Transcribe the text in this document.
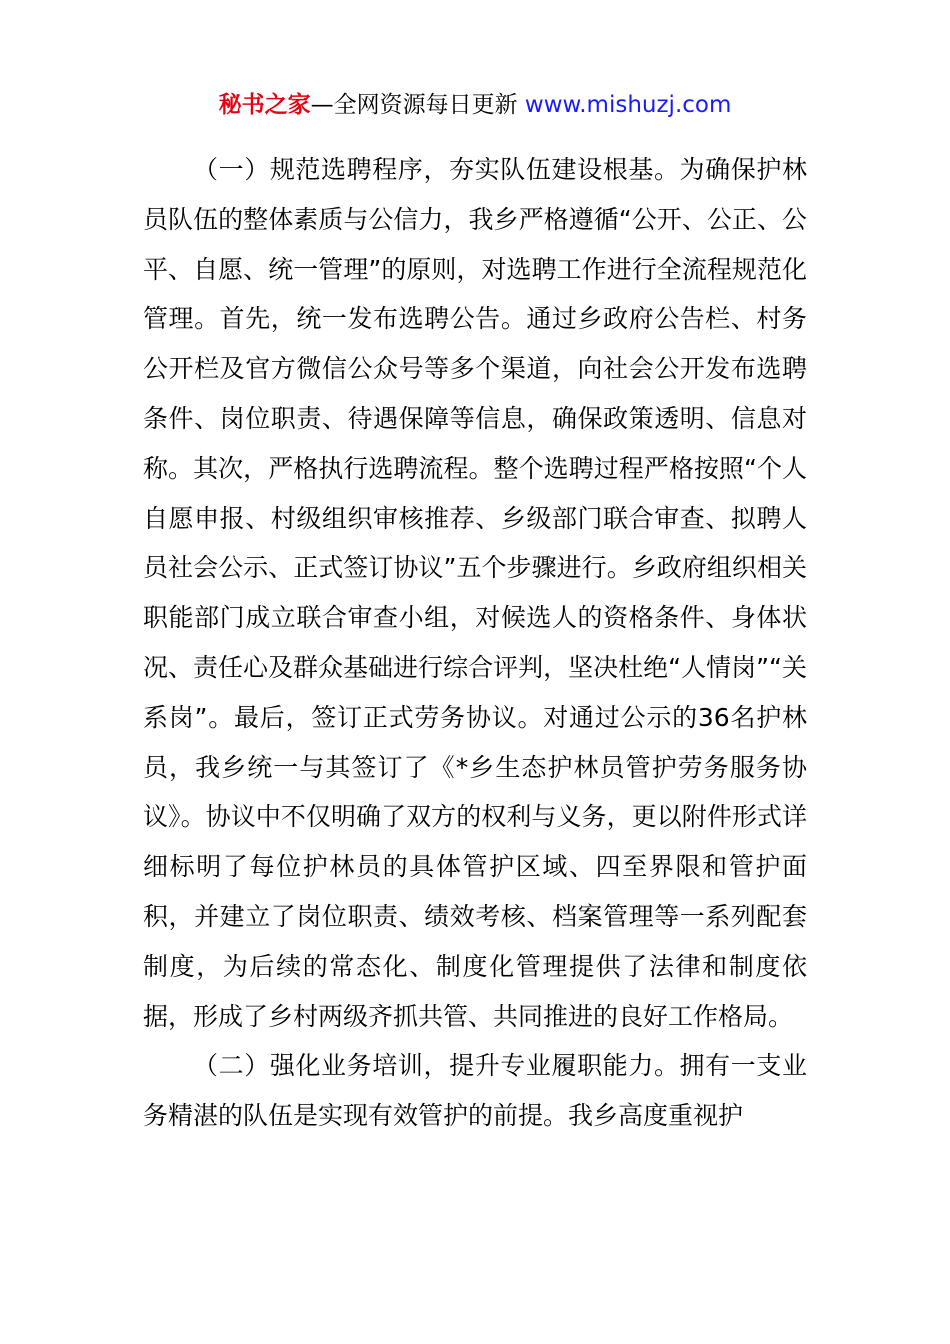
秘书之家—全网资源每日更新 www.mishuzj.com

（一）规范选聘程序，夯实队伍建设根基。为确保护林员队伍的整体素质与公信力，我乡严格遵循“公开、公正、公平、自愿、统一管理”的原则，对选聘工作进行全流程规范化管理。首先，统一发布选聘公告。通过乡政府公告栏、村务公开栏及官方微信公众号等多个渠道，向社会公开发布选聘条件、岗位职责、待遇保障等信息，确保政策透明、信息对称。其次，严格执行选聘流程。整个选聘过程严格按照“个人自愿申报、村级组织审核推荐、乡级部门联合审查、拟聘人员社会公示、正式签订协议”五个步骤进行。乡政府组织相关职能部门成立联合审查小组，对候选人的资格条件、身体状况、责任心及群众基础进行综合评判，坚决杜绝“人情岗”“关系岗”。最后，签订正式劳务协议。对通过公示的36名护林员，我乡统一与其签订了《*乡生态护林员管护劳务服务协议》。协议中不仅明确了双方的权利与义务，更以附件形式详细标明了每位护林员的具体管护区域、四至界限和管护面积，并建立了岗位职责、绩效考核、档案管理等一系列配套制度，为后续的常态化、制度化管理提供了法律和制度依据，形成了乡村两级齐抓共管、共同推进的良好工作格局。

（二）强化业务培训，提升专业履职能力。拥有一支业务精湛的队伍是实现有效管护的前提。我乡高度重视护
